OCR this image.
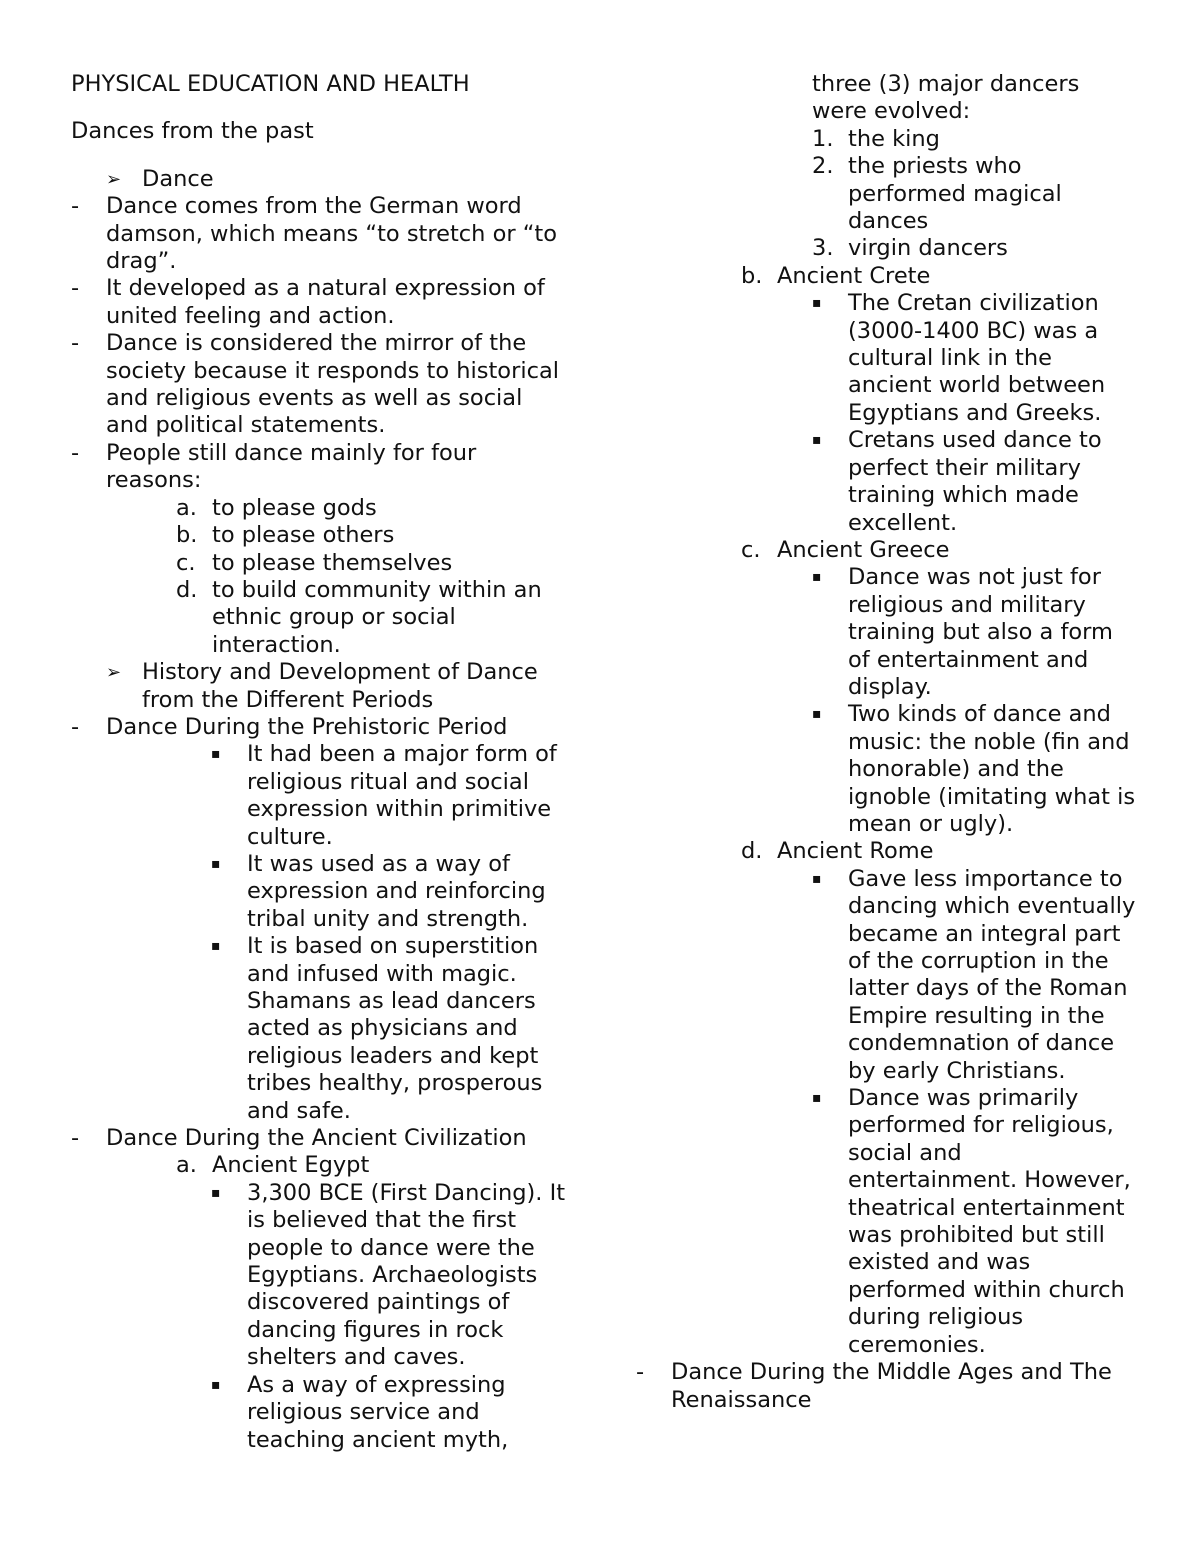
PHYSICAL EDUCATION AND HEALTH
Dances from the past
➢ Dance
-	Dance comes from the German word damson, which means “to stretch or “to drag”.
-	It developed as a natural expression of united feeling and action.
-	Dance is considered the mirror of the society because it responds to historical and religious events as well as social and political statements.
-	People still dance mainly for four reasons:
a. to please gods
b. to please others
c. to please themselves
d. to build community within an ethnic group or social interaction.
➢ History and Development of Dance from the Different Periods
-	Dance During the Prehistoric Period
▪	It had been a major form of religious ritual and social expression within primitive culture.
▪	It was used as a way of expression and reinforcing tribal unity and strength.
▪	It is based on superstition and infused with magic. Shamans as lead dancers acted as physicians and religious leaders and kept tribes healthy, prosperous and safe.
-	Dance During the Ancient Civilization
a. Ancient Egypt
▪	3,300 BCE (First Dancing). It is believed that the first people to dance were the Egyptians. Archaeologists discovered paintings of dancing figures in rock shelters and caves.
▪	As a way of expressing religious service and teaching ancient myth,
three (3) major dancers were evolved:
1. the king
2. the priests who performed magical dances
3. virgin dancers
b. Ancient Crete
▪	The Cretan civilization (3000-1400 BC) was a cultural link in the ancient world between Egyptians and Greeks.
▪	Cretans used dance to perfect their military training which made excellent.
c. Ancient Greece
▪	Dance was not just for religious and military training but also a form of entertainment and display.
▪	Two kinds of dance and music: the noble (fin and honorable) and the ignoble (imitating what is mean or ugly).
d. Ancient Rome
▪	Gave less importance to dancing which eventually became an integral part of the corruption in the latter days of the Roman Empire resulting in the condemnation of dance by early Christians.
▪	Dance was primarily performed for religious, social and entertainment. However, theatrical entertainment was prohibited but still existed and was performed within church during religious ceremonies.
-	Dance During the Middle Ages and The Renaissance
